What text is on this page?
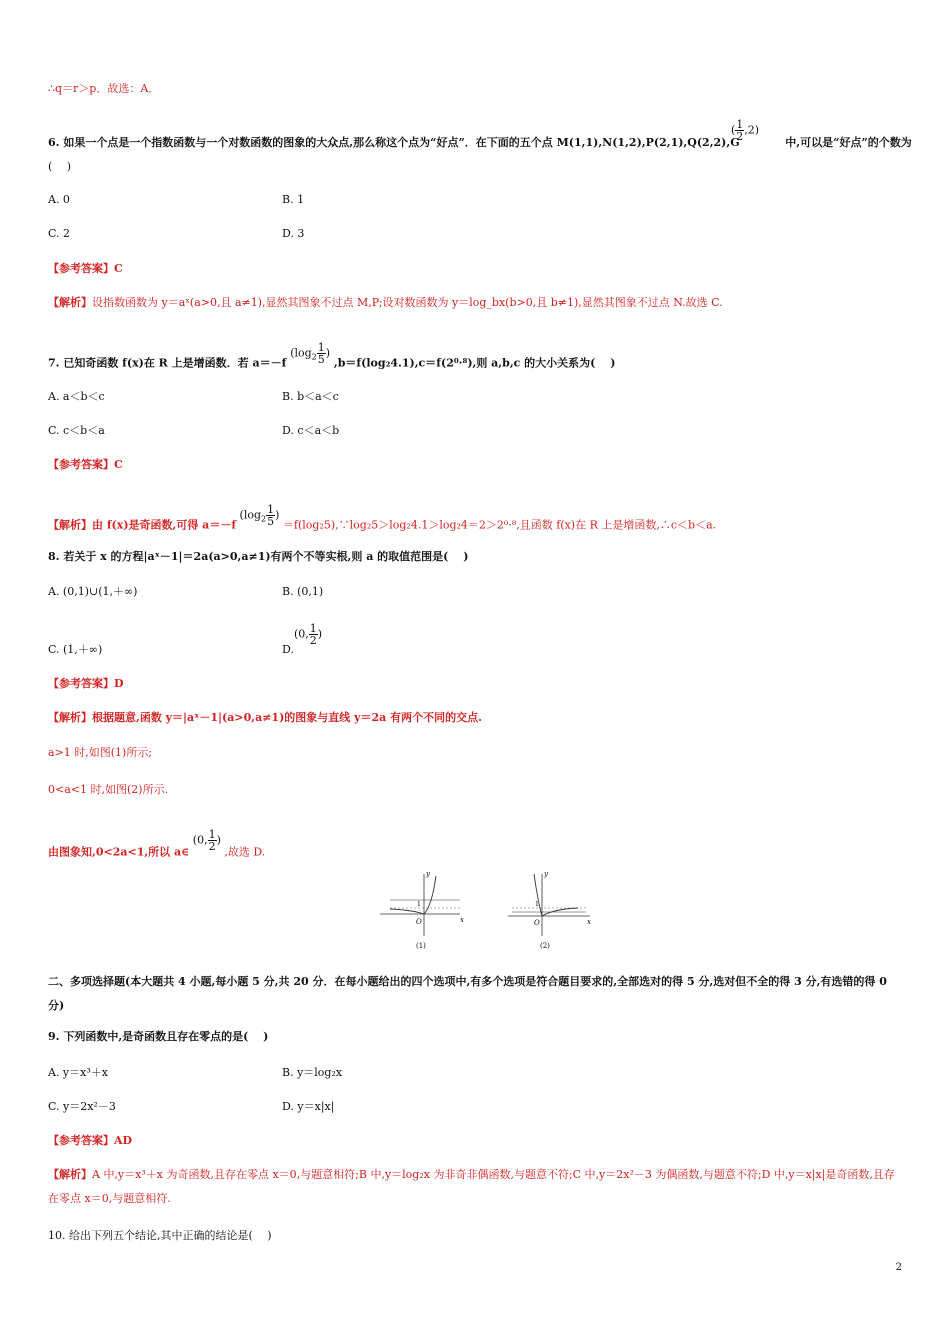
∴q＝r＞p．故选：A．
( $\frac{1}{2} ,2$)
6. 如果一个点是一个指数函数与一个对数函数的图象的大众点,那么称这个点为“好点”．在下面的五个点 M(1,1),N(1,2),P(2,1),Q(2,2),G	中,可以是“好点”的个数为
(　 )
A. 0	B. 1
C. 2	D. 3
【参考答案】C
【解析】设指数函数为 y＝aˣ(a>0,且 a≠1),显然其图象不过点 M,P;设对数函数为 y＝log_bx(b>0,且 b≠1),显然其图象不过点 N.故选 C.
7. 已知奇函数 f(x)在 R 上是增函数．若 a＝－f ($\log_2 \frac{1}{5}$ ) ,b＝f(log₂4.1),c＝f(2⁰·⁸),则 a,b,c 的大小关系为(　 )
A. a＜b＜c	B. b＜a＜c
C. c＜b＜a	D. c＜a＜b
【参考答案】C
【解析】由 f(x)是奇函数,可得 a＝－f ($\log_2 \frac{1}{5}$ ) ＝f(log₂5),∵log₂5＞log₂4.1＞log₂4＝2＞2⁰·⁸,且函数 f(x)在 R 上是增函数,∴c＜b＜a.
8. 若关于 x 的方程|aˣ－1|＝2a(a>0,a≠1)有两个不等实根,则 a 的取值范围是(　 )
A. (0,1)∪(1,＋∞)	B. (0,1)
C. (1,＋∞)	D.
(0, $\frac{1}{2}$ )
【参考答案】D
【解析】根据题意,函数 y＝|aˣ－1|(a>0,a≠1)的图象与直线 y＝2a 有两个不同的交点.
a>1 时,如图(1)所示;
0<a<1 时,如图(2)所示.
由图象知,0<2a<1,所以 a∈ (0, $\frac{1}{2}$ ) ,故选 D.
y
x
O
1
(1)
y
x
O
1
(2)
二、多项选择题(本大题共 4 小题,每小题 5 分,共 20 分．在每小题给出的四个选项中,有多个选项是符合题目要求的,全部选对的得 5 分,选对但不全的得 3 分,有选错的得 0 分)
9. 下列函数中,是奇函数且存在零点的是(　 )
A. y＝x³＋x	B. y＝log₂x
C. y＝2x²－3	D. y＝x|x|
【参考答案】AD
【解析】A 中,y＝x³＋x 为奇函数,且存在零点 x＝0,与题意相符;B 中,y＝log₂x 为非奇非偶函数,与题意不符;C 中,y＝2x²－3 为偶函数,与题意不符;D 中,y＝x|x|是奇函数,且存在零点 x＝0,与题意相符.
10. 给出下列五个结论,其中正确的结论是(　 )
2
